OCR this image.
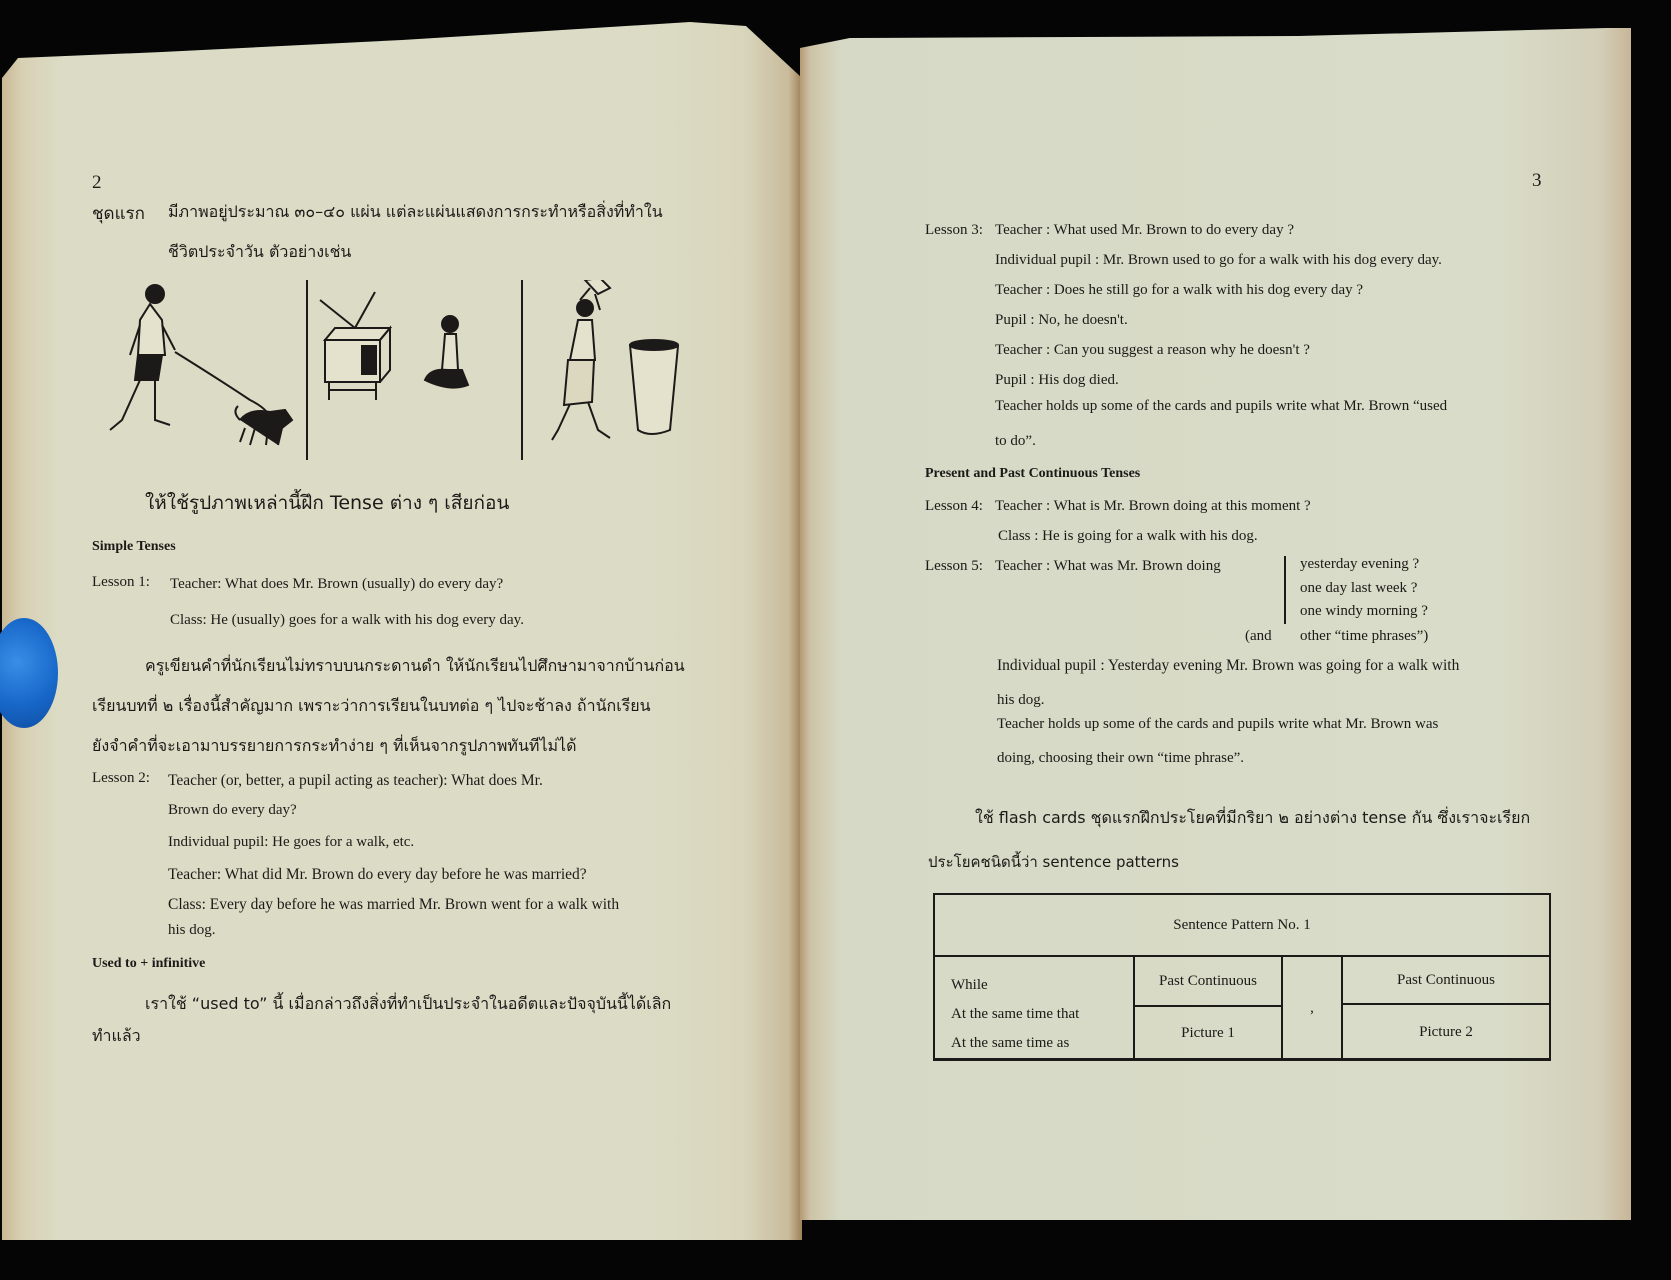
2
ชุดแรก มีภาพอยู่ประมาณ ๓๐–๔๐ แผ่น แต่ละแผ่นแสดงการกระทำหรือสิ่งที่ทำใน
ชีวิตประจำวัน ตัวอย่างเช่น
ให้ใช้รูปภาพเหล่านี้ฝึก Tense ต่าง ๆ เสียก่อน
Simple Tenses
Lesson 1: Teacher: What does Mr. Brown (usually) do every day?
Class: He (usually) goes for a walk with his dog every day.
ครูเขียนคำที่นักเรียนไม่ทราบบนกระดานดำ ให้นักเรียนไปศึกษามาจากบ้านก่อน
เรียนบทที่ ๒ เรื่องนี้สำคัญมาก เพราะว่าการเรียนในบทต่อ ๆ ไปจะช้าลง ถ้านักเรียน
ยังจำคำที่จะเอามาบรรยายการกระทำง่าย ๆ ที่เห็นจากรูปภาพทันทีไม่ได้
Lesson 2: Teacher (or, better, a pupil acting as teacher): What does Mr.
Brown do every day?
Individual pupil: He goes for a walk, etc.
Teacher: What did Mr. Brown do every day before he was married?
Class: Every day before he was married Mr. Brown went for a walk with
his dog.
Used to + infinitive
เราใช้ “used to” นี้ เมื่อกล่าวถึงสิ่งที่ทำเป็นประจำในอดีตและปัจจุบันนี้ได้เลิก
ทำแล้ว
3
Lesson 3: Teacher : What used Mr. Brown to do every day ?
Individual pupil : Mr. Brown used to go for a walk with his dog every day.
Teacher : Does he still go for a walk with his dog every day ?
Pupil : No, he doesn't.
Teacher : Can you suggest a reason why he doesn't ?
Pupil : His dog died.
Teacher holds up some of the cards and pupils write what Mr. Brown “used
to do”.
Present and Past Continuous Tenses
Lesson 4: Teacher : What is Mr. Brown doing at this moment ?
Class : He is going for a walk with his dog.
Lesson 5: Teacher : What was Mr. Brown doing	yesterday evening ?
one day last week ?
one windy morning ?
(and other “time phrases”)
Individual pupil : Yesterday evening Mr. Brown was going for a walk with
his dog.
Teacher holds up some of the cards and pupils write what Mr. Brown was
doing, choosing their own “time phrase”.
ใช้ flash cards ชุดแรกฝึกประโยคที่มีกริยา ๒ อย่างต่าง tense กัน ซึ่งเราจะเรียก
ประโยคชนิดนี้ว่า sentence patterns
Sentence Pattern No. 1
While
At the same time that
At the same time as
Past Continuous
Picture 1
,
Past Continuous
Picture 2
